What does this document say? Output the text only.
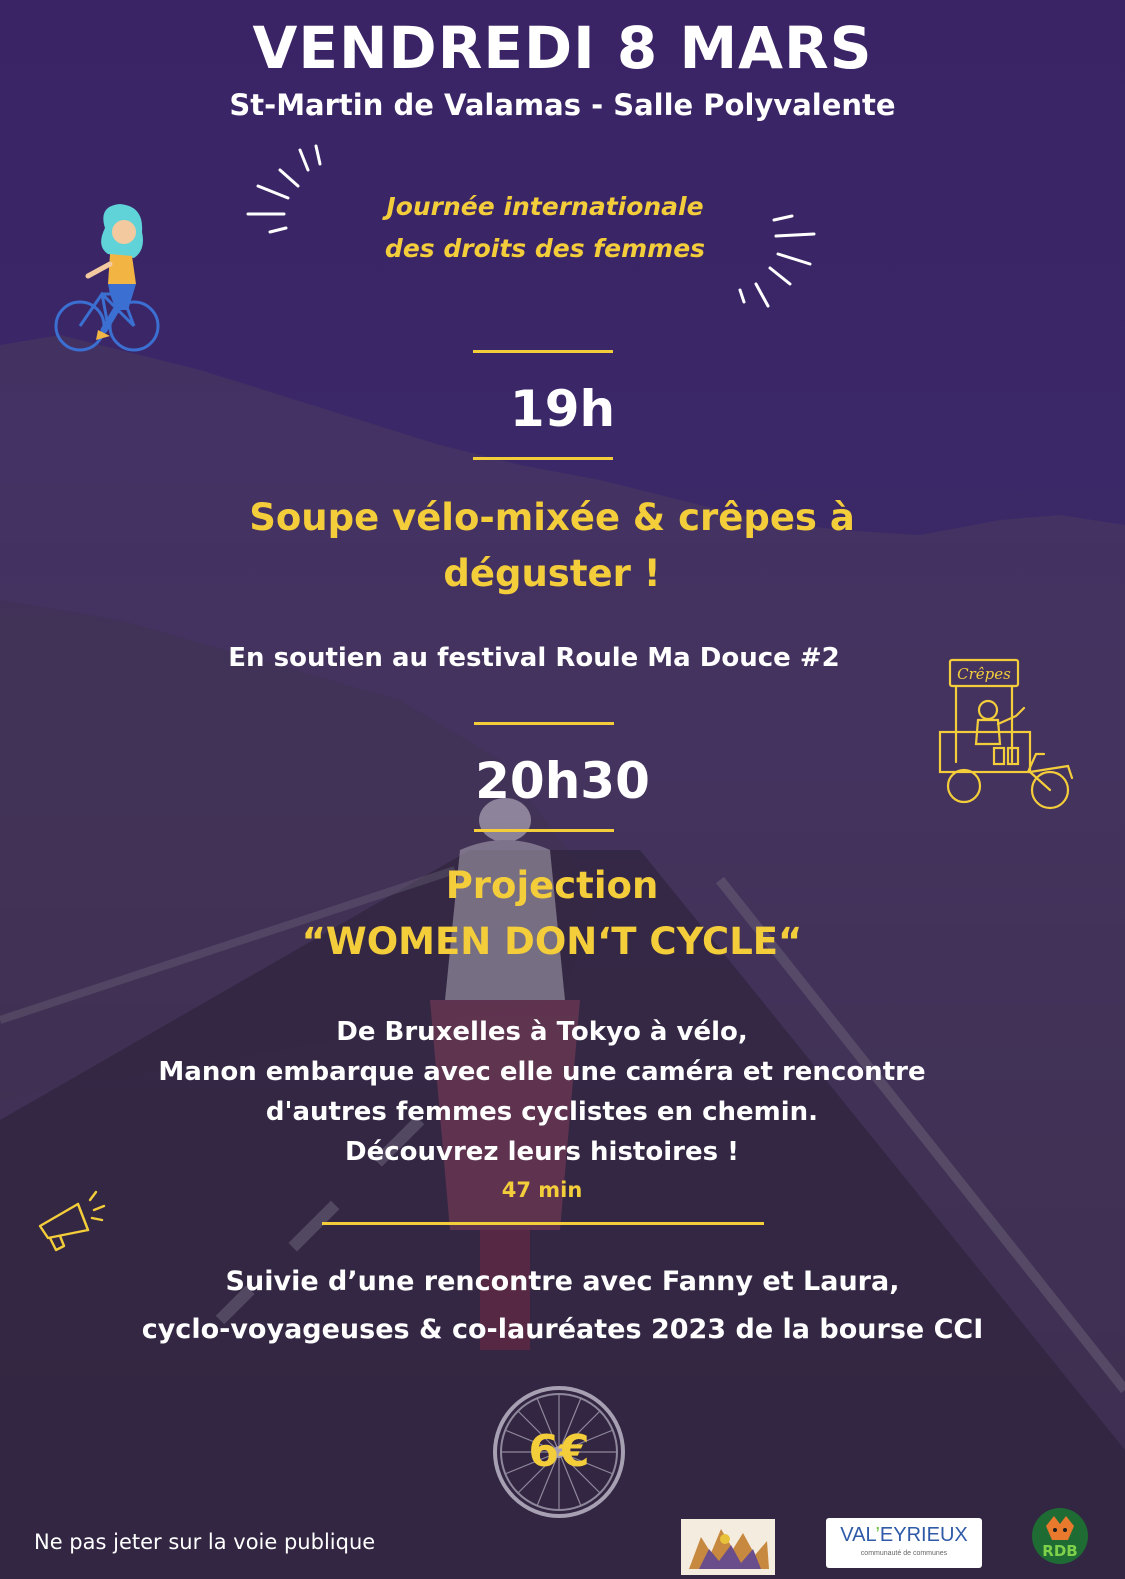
VENDREDI 8 MARS
St-Martin de Valamas - Salle Polyvalente
Journée internationale
des droits des femmes
19h
Soupe vélo-mixée & crêpes à
déguster !
En soutien au festival Roule Ma Douce #2
Crêpes
20h30
Projection
“WOMEN DON‘T CYCLE“
De Bruxelles à Tokyo à vélo,
Manon embarque avec elle une caméra et rencontre
d'autres femmes cyclistes en chemin.
Découvrez leurs histoires !
47 min
Suivie d’une rencontre avec Fanny et Laura,
cyclo-voyageuses & co-lauréates 2023 de la bourse CCI
6€
Ne pas jeter sur la voie publique	VAL’EYRIEUX
communauté de communes	RDB
